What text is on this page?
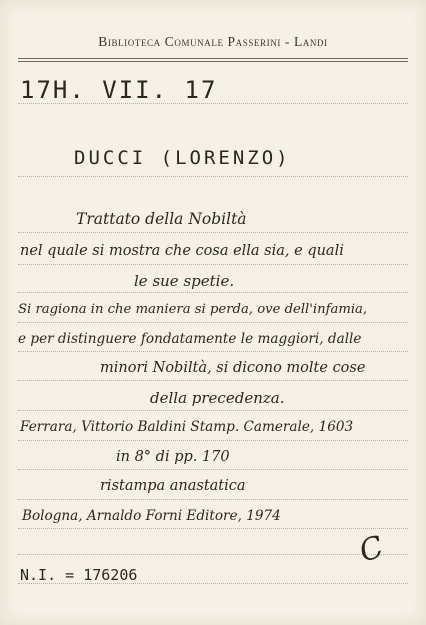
Biblioteca Comunale Passerini - Landi
17H. VII. 17
DUCCI (LORENZO)
Trattato della Nobiltà
nel quale si mostra che cosa ella sia, e quali
le sue spetie.
Si ragiona in che maniera si perda, ove dell'infamia,
e per distinguere fondatamente le maggiori, dalle
minori Nobiltà, si dicono molte cose
della precedenza.
Ferrara, Vittorio Baldini Stamp. Camerale, 1603
in 8° di pp. 170
ristampa anastatica
Bologna, Arnaldo Forni Editore, 1974
C
N.I. = 176206
